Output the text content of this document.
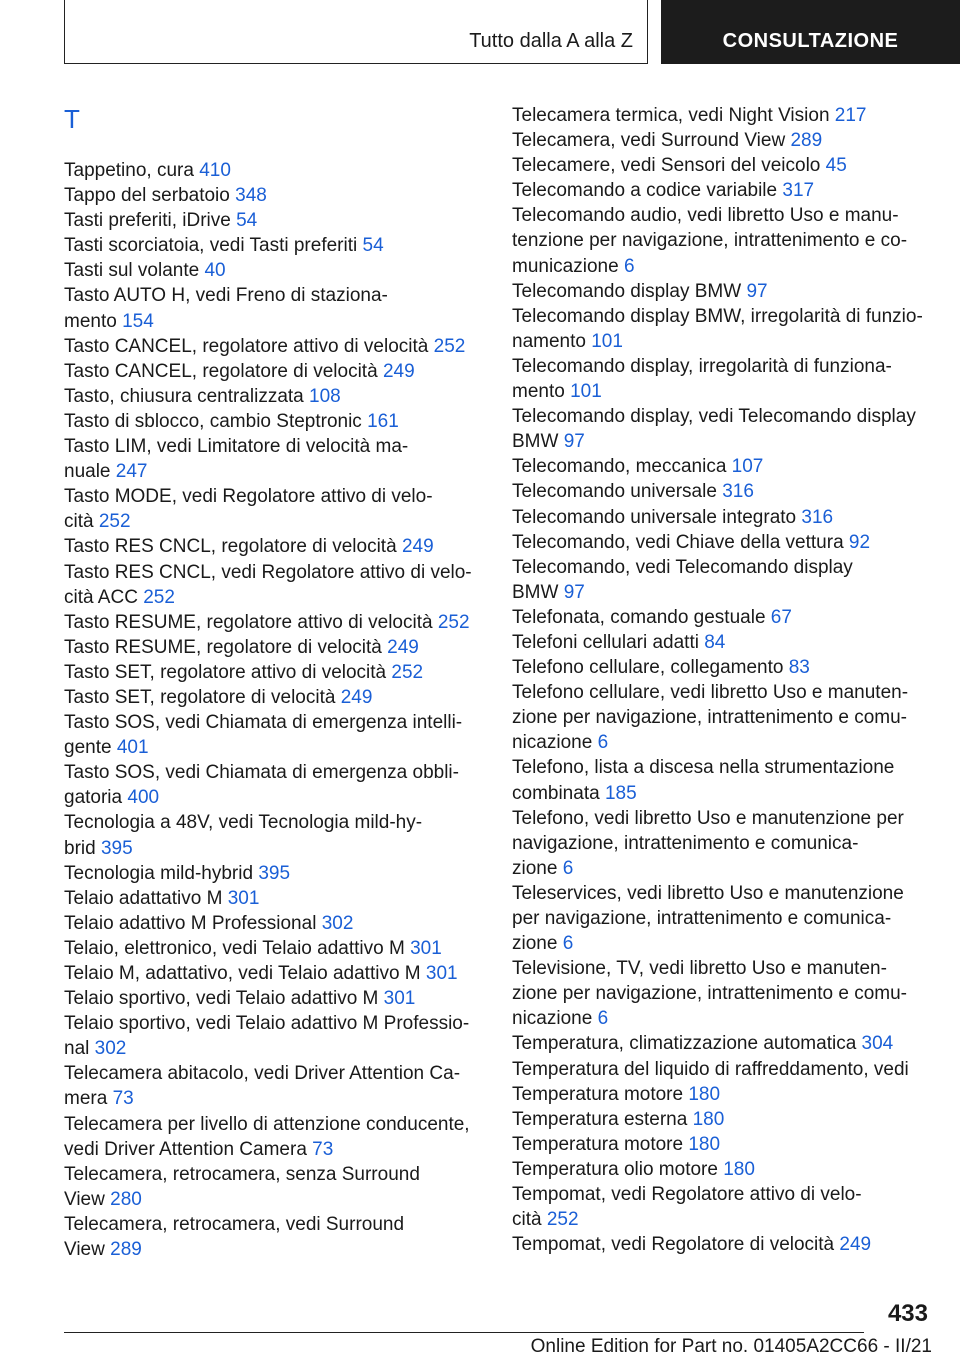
Tutto dalla A alla Z	CONSULTAZIONE
T

Tappetino, cura 410

Tappo del serbatoio 348

Tasti preferiti, iDrive 54

Tasti scorciatoia, vedi Tasti preferiti 54

Tasti sul volante 40

Tasto AUTO H, vedi Freno di staziona-
mento 154

Tasto CANCEL, regolatore attivo di velocità 252

Tasto CANCEL, regolatore di velocità 249

Tasto, chiusura centralizzata 108

Tasto di sblocco, cambio Steptronic 161

Tasto LIM, vedi Limitatore di velocità ma-
nuale 247

Tasto MODE, vedi Regolatore attivo di velo-
cità 252

Tasto RES CNCL, regolatore di velocità 249

Tasto RES CNCL, vedi Regolatore attivo di velo-
cità ACC 252

Tasto RESUME, regolatore attivo di velocità 252

Tasto RESUME, regolatore di velocità 249

Tasto SET, regolatore attivo di velocità 252

Tasto SET, regolatore di velocità 249

Tasto SOS, vedi Chiamata di emergenza intelli-
gente 401

Tasto SOS, vedi Chiamata di emergenza obbli-
gatoria 400

Tecnologia a 48V, vedi Tecnologia mild-hy-
brid 395

Tecnologia mild-hybrid 395

Telaio adattativo M 301

Telaio adattivo M Professional 302

Telaio, elettronico, vedi Telaio adattivo M 301

Telaio M, adattativo, vedi Telaio adattivo M 301

Telaio sportivo, vedi Telaio adattivo M 301

Telaio sportivo, vedi Telaio adattivo M Professio-
nal 302

Telecamera abitacolo, vedi Driver Attention Ca-
mera 73

Telecamera per livello di attenzione conducente,
vedi Driver Attention Camera 73

Telecamera, retrocamera, senza Surround
View 280

Telecamera, retrocamera, vedi Surround
View 289

Telecamera termica, vedi Night Vision 217

Telecamera, vedi Surround View 289

Telecamere, vedi Sensori del veicolo 45

Telecomando a codice variabile 317

Telecomando audio, vedi libretto Uso e manu-
tenzione per navigazione, intrattenimento e co-
municazione 6

Telecomando display BMW 97

Telecomando display BMW, irregolarità di funzio-
namento 101

Telecomando display, irregolarità di funziona-
mento 101

Telecomando display, vedi Telecomando display
BMW 97

Telecomando, meccanica 107

Telecomando universale 316

Telecomando universale integrato 316

Telecomando, vedi Chiave della vettura 92

Telecomando, vedi Telecomando display
BMW 97

Telefonata, comando gestuale 67

Telefoni cellulari adatti 84

Telefono cellulare, collegamento 83

Telefono cellulare, vedi libretto Uso e manuten-
zione per navigazione, intrattenimento e comu-
nicazione 6

Telefono, lista a discesa nella strumentazione
combinata 185

Telefono, vedi libretto Uso e manutenzione per
navigazione, intrattenimento e comunica-
zione 6

Teleservices, vedi libretto Uso e manutenzione
per navigazione, intrattenimento e comunica-
zione 6

Televisione, TV, vedi libretto Uso e manuten-
zione per navigazione, intrattenimento e comu-
nicazione 6

Temperatura, climatizzazione automatica 304

Temperatura del liquido di raffreddamento, vedi
Temperatura motore 180

Temperatura esterna 180

Temperatura motore 180

Temperatura olio motore 180

Tempomat, vedi Regolatore attivo di velo-
cità 252

Tempomat, vedi Regolatore di velocità 249

433
Online Edition for Part no. 01405A2CC66 - II/21
